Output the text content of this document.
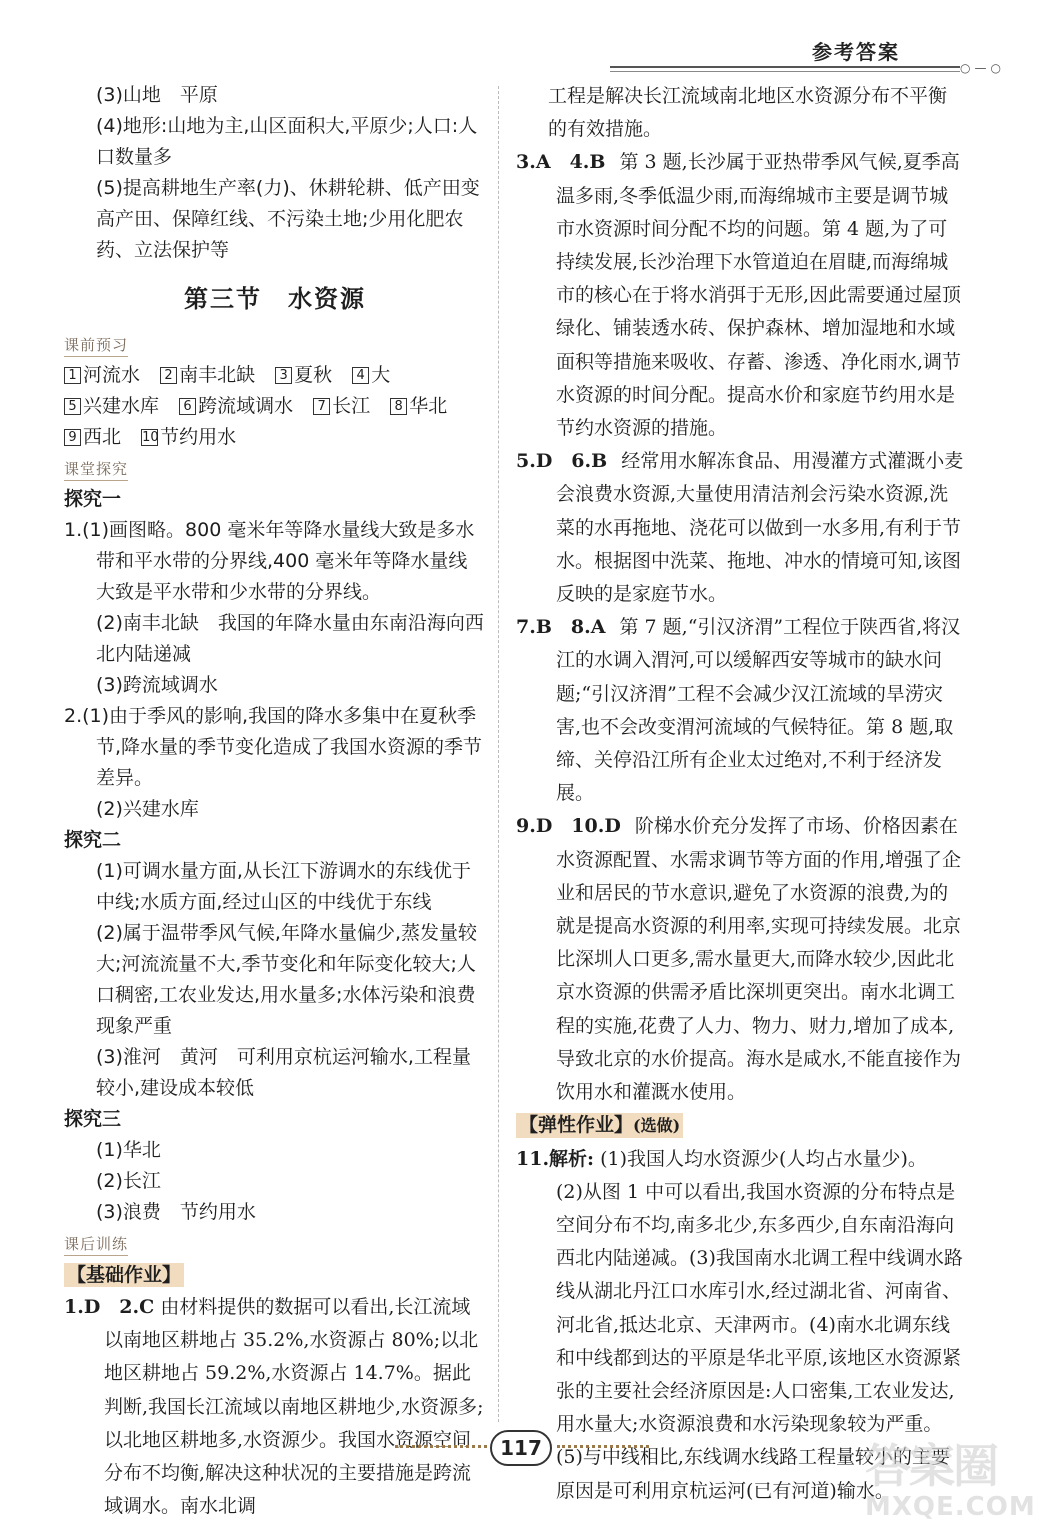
参考答案
○—○

(3)山地　平原

(4)地形:山地为主,山区面积大,平原少;人口:人口数量多

(5)提高耕地生产率(力)、休耕轮耕、低产田变高产田、保障红线、不污染土地;少用化肥农药、立法保护等

第三节　水资源
课前预习
1 河流水 2 南丰北缺 3 夏秋 4 大 5 兴建水库 6 跨流域调水 7 长江 8 华北 9 西北 10节约用水
课堂探究

探究一

1.(1)画图略。800 毫米年等降水量线大致是多水带和平水带的分界线,400 毫米年等降水量线大致是平水带和少水带的分界线。

(2)南丰北缺　我国的年降水量由东南沿海向西北内陆递减

(3)跨流域调水

2.(1)由于季风的影响,我国的降水多集中在夏秋季节,降水量的季节变化造成了我国水资源的季节差异。

(2)兴建水库

探究二

(1)可调水量方面,从长江下游调水的东线优于中线;水质方面,经过山区的中线优于东线

(2)属于温带季风气候,年降水量偏少,蒸发量较大;河流流量不大,季节变化和年际变化较大;人口稠密,工农业发达,用水量多;水体污染和浪费现象严重

(3)淮河　黄河　可利用京杭运河输水,工程量较小,建设成本较低

探究三

(1)华北

(2)长江

(3)浪费　节约用水

课后训练
【基础作业】

1.D　2.C 由材料提供的数据可以看出,长江流域以南地区耕地占 35.2%,水资源占 80%;以北地区耕地占 59.2%,水资源占 14.7%。据此判断,我国长江流域以南地区耕地少,水资源多;以北地区耕地多,水资源少。我国水资源空间分布不均衡,解决这种状况的主要措施是跨流域调水。南水北调

工程是解决长江流域南北地区水资源分布不平衡的有效措施。

3.A　4.B 第 3 题,长沙属于亚热带季风气候,夏季高温多雨,冬季低温少雨,而海绵城市主要是调节城市水资源时间分配不均的问题。第 4 题,为了可持续发展,长沙治理下水管道迫在眉睫,而海绵城市的核心在于将水消弭于无形,因此需要通过屋顶绿化、铺装透水砖、保护森林、增加湿地和水域面积等措施来吸收、存蓄、渗透、净化雨水,调节水资源的时间分配。提高水价和家庭节约用水是节约水资源的措施。

5.D　6.B 经常用水解冻食品、用漫灌方式灌溉小麦会浪费水资源,大量使用清洁剂会污染水资源,洗菜的水再拖地、浇花可以做到一水多用,有利于节水。根据图中洗菜、拖地、冲水的情境可知,该图反映的是家庭节水。

7.B　8.A 第 7 题,“引汉济渭”工程位于陕西省,将汉江的水调入渭河,可以缓解西安等城市的缺水问题;“引汉济渭”工程不会减少汉江流域的旱涝灾害,也不会改变渭河流域的气候特征。第 8 题,取缔、关停沿江所有企业太过绝对,不利于经济发展。

9.D　10.D 阶梯水价充分发挥了市场、价格因素在水资源配置、水需求调节等方面的作用,增强了企业和居民的节水意识,避免了水资源的浪费,为的就是提高水资源的利用率,实现可持续发展。北京比深圳人口更多,需水量更大,而降水较少,因此北京水资源的供需矛盾比深圳更突出。南水北调工程的实施,花费了人力、物力、财力,增加了成本,导致北京的水价提高。海水是咸水,不能直接作为饮用水和灌溉水使用。

【弹性作业】(选做)

11.解析: (1)我国人均水资源少(人均占水量少)。

(2)从图 1 中可以看出,我国水资源的分布特点是空间分布不均,南多北少,东多西少,自东南沿海向西北内陆递减。(3)我国南水北调工程中线调水路线从湖北丹江口水库引水,经过湖北省、河南省、河北省,抵达北京、天津两市。(4)南水北调东线和中线都到达的平原是华北平原,该地区水资源紧张的主要社会经济原因是:人口密集,工农业发达,用水量大;水资源浪费和水污染现象较为严重。(5)与中线相比,东线调水线路工程量较小的主要原因是可利用京杭运河(已有河道)输水。

117	答案圈
MXQE.COM
